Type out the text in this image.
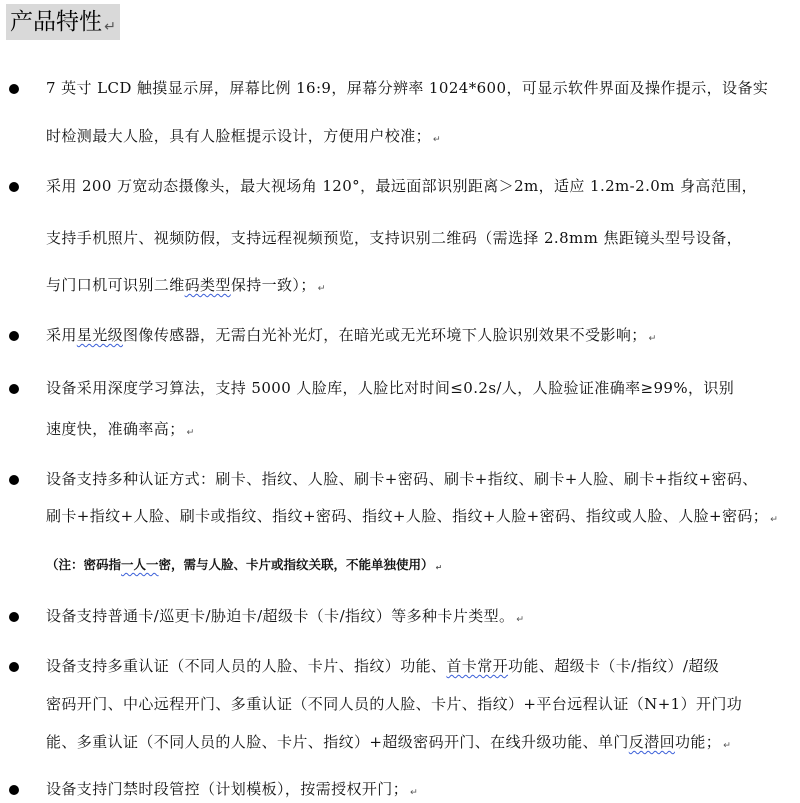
产品特性 ↵
7 英寸 LCD 触摸显示屏，屏幕比例 16:9，屏幕分辨率 1024*600，可显示软件界面及操作提示，设备实
时检测最大人脸，具有人脸框提示设计，方便用户校准； ↵
采用 200 万宽动态摄像头，最大视场角 120°，最远面部识别距离＞2m，适应 1.2m-2.0m 身高范围，
支持手机照片、视频防假，支持远程视频预览，支持识别二维码（需选择 2.8mm 焦距镜头型号设备，
与门口机可识别二维码类型保持一致）； ↵
采用星光级图像传感器，无需白光补光灯，在暗光或无光环境下人脸识别效果不受影响； ↵
设备采用深度学习算法，支持 5000 人脸库，人脸比对时间≤0.2s/人，人脸验证准确率≥99%，识别
速度快，准确率高； ↵
设备支持多种认证方式：刷卡、指纹、人脸、刷卡+密码、刷卡+指纹、刷卡+人脸、刷卡+指纹+密码、
刷卡+指纹+人脸、刷卡或指纹、指纹+密码、指纹+人脸、指纹+人脸+密码、指纹或人脸、人脸+密码； ↵
（注：密码指一人一密，需与人脸、卡片或指纹关联，不能单独使用） ↵
设备支持普通卡/巡更卡/胁迫卡/超级卡（卡/指纹）等多种卡片类型。 ↵
设备支持多重认证（不同人员的人脸、卡片、指纹）功能、首卡常开功能、超级卡（卡/指纹）/超级
密码开门、中心远程开门、多重认证（不同人员的人脸、卡片、指纹）+平台远程认证（N+1）开门功
能、多重认证（不同人员的人脸、卡片、指纹）+超级密码开门、在线升级功能、单门反潜回功能； ↵
设备支持门禁时段管控（计划模板），按需授权开门； ↵
